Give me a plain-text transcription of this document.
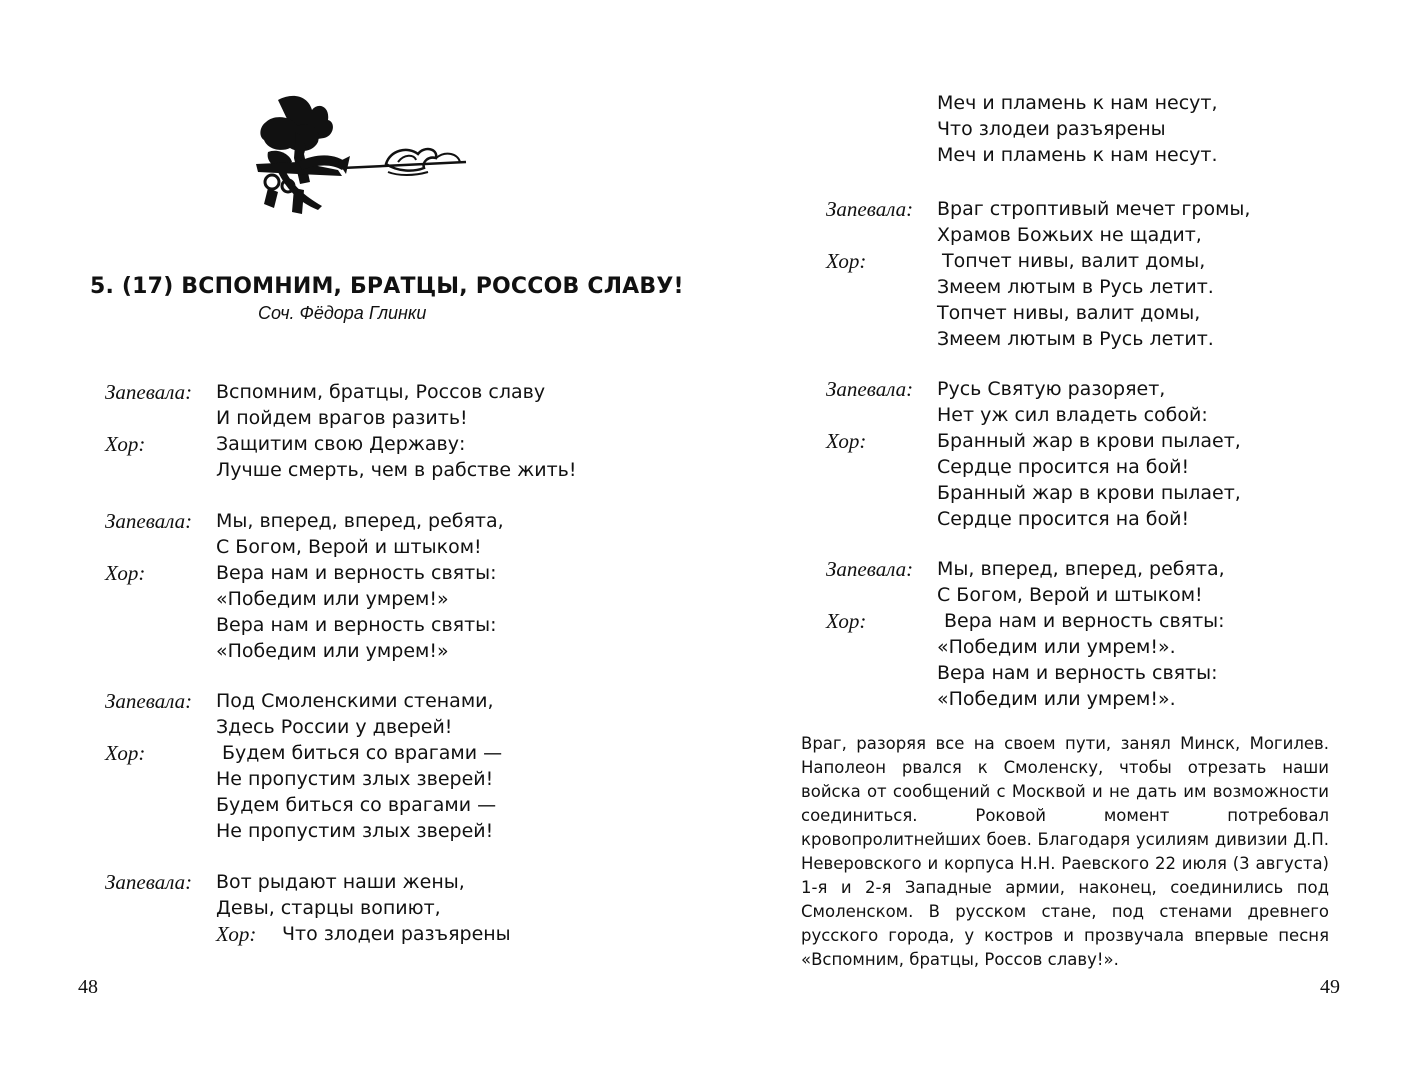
5. (17) ВСПОМНИМ, БРАТЦЫ, РОССОВ СЛАВУ!
Соч. Фёдора Глинки
Запевала: Вспомним, братцы, Россов славу
И пойдем врагов разить!
Хор:	Защитим свою Державу:
Лучше смерть, чем в рабстве жить!
Запевала: Мы, вперед, вперед, ребята,
С Богом, Верой и штыком!
Хор:	Вера нам и верность святы:
«Победим или умрем!»
Вера нам и верность святы:
«Победим или умрем!»
Запевала: Под Смоленскими стенами,
Здесь России у дверей!
Хор:	Будем биться со врагами —
Не пропустим злых зверей!
Будем биться со врагами —
Не пропустим злых зверей!
Запевала: Вот рыдают наши жены,
Девы, старцы вопиют,
Хор: Что злодеи разъярены
48
Меч и пламень к нам несут,
Что злодеи разъярены
Меч и пламень к нам несут.
Запевала: Враг строптивый мечет громы,
Храмов Божьих не щадит,
Хор:	Топчет нивы, валит домы,
Змеем лютым в Русь летит.
Топчет нивы, валит домы,
Змеем лютым в Русь летит.
Запевала: Русь Святую разоряет,
Нет уж сил владеть собой:
Хор:	Бранный жар в крови пылает,
Сердце просится на бой!
Бранный жар в крови пылает,
Сердце просится на бой!
Запевала: Мы, вперед, вперед, ребята,
С Богом, Верой и штыком!
Хор:	Вера нам и верность святы:
«Победим или умрем!».
Вера нам и верность святы:
«Победим или умрем!».

Враг, разоряя все на своем пути, занял Минск, Могилев. Наполеон рвался к Смоленску, чтобы отрезать наши войска от сообщений с Москвой и не дать им возможности соединиться. Роковой момент потребовал кровопролитнейших боев. Благодаря усилиям дивизии Д.П. Неверовского и корпуса Н.Н. Раевского 22 июля (3 августа) 1-я и 2-я Западные армии, наконец, соединились под Смоленском. В русском стане, под стенами древнего русского города, у костров и прозвучала впервые песня «Вспомним, братцы, Россов славу!».

49
